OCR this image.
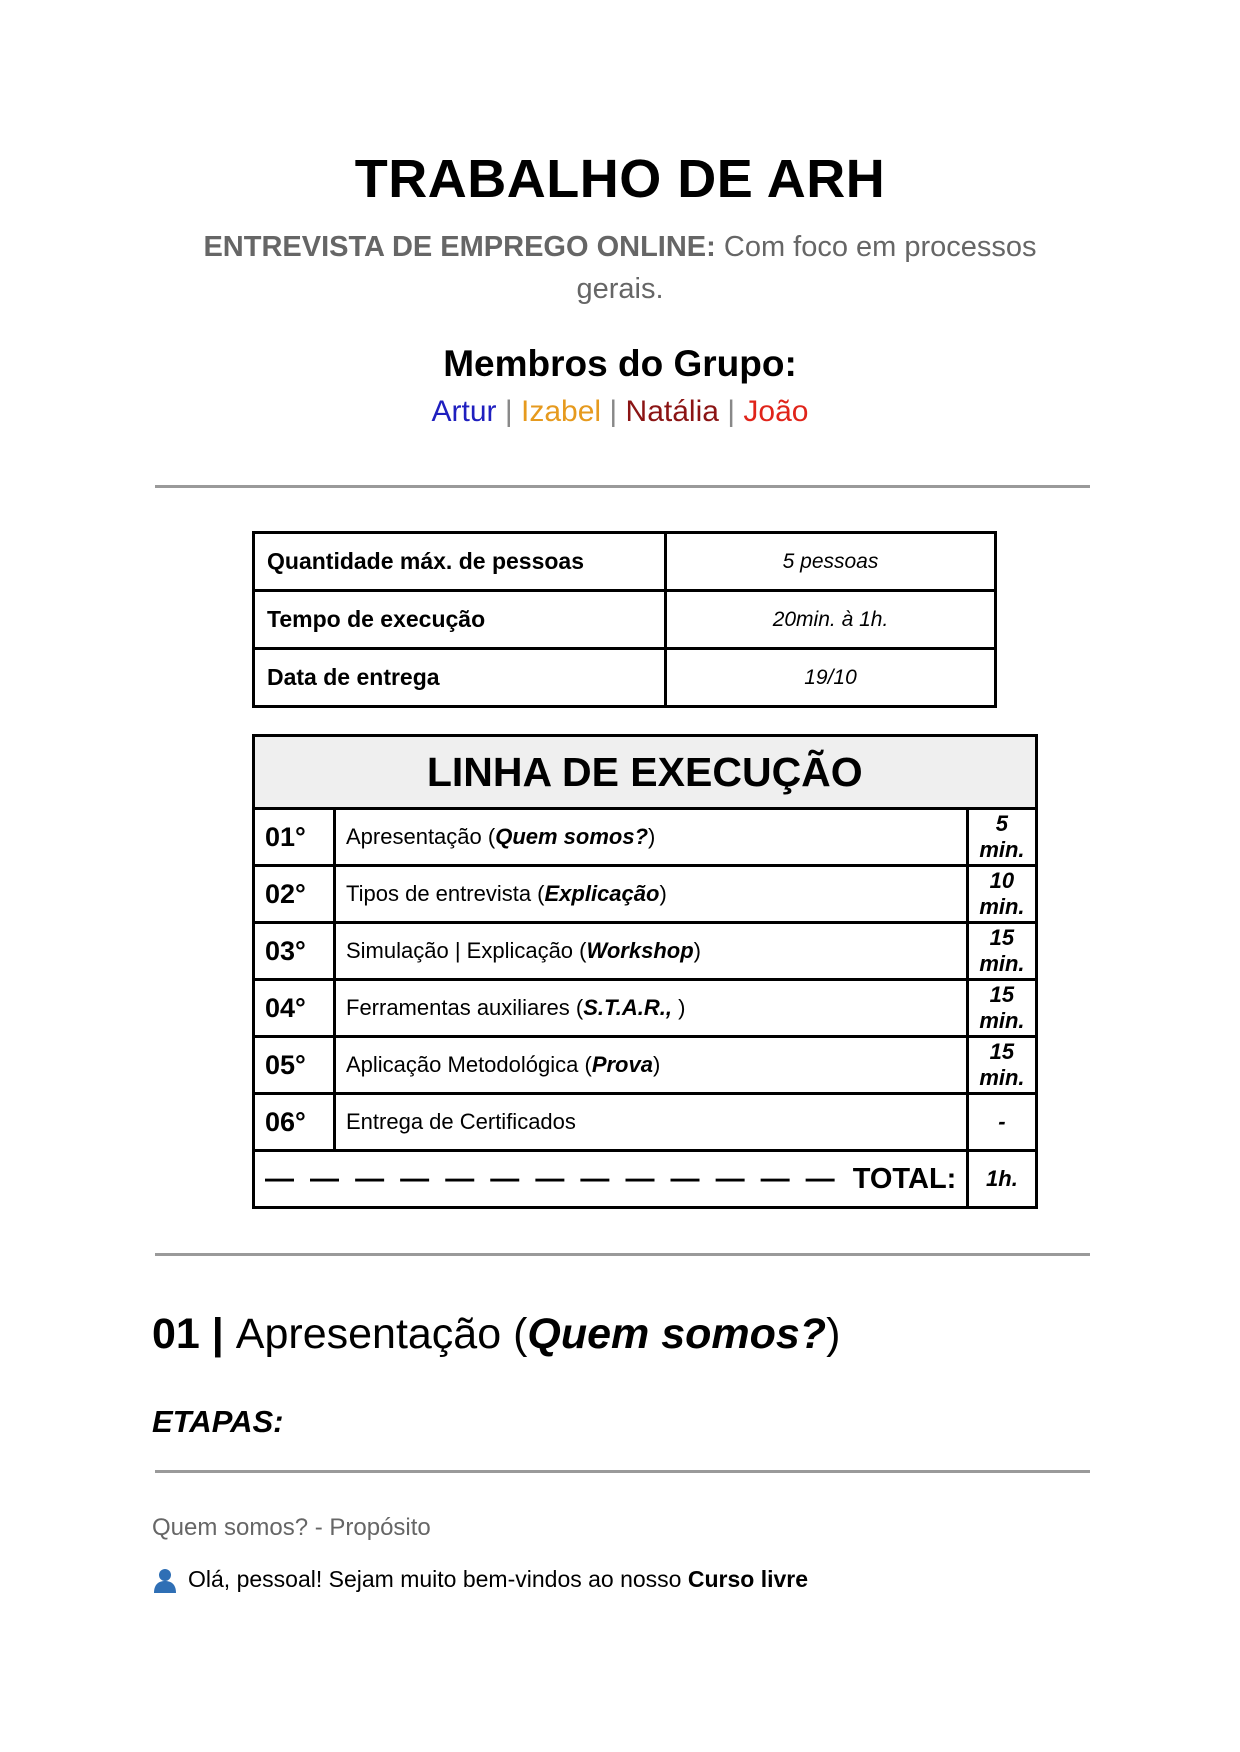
TRABALHO DE ARH
ENTREVISTA DE EMPREGO ONLINE: Com foco em processos gerais.
Membros do Grupo:
Artur | Izabel | Natália | João
Quantidade máx. de pessoas	5 pessoas
Tempo de execução	20min. à 1h.
Data de entrega	19/10
LINHA DE EXECUÇÃO		
01°	Apresentação (Quem somos?)	5 min.
02°	Tipos de entrevista (Explicação)	10 min.
03°	Simulação | Explicação (Workshop)	15 min.
04°	Ferramentas auxiliares (S.T.A.R., )	15 min.
05°	Aplicação Metodológica (Prova)	15 min.
06°	Entrega de Certificados	-
— — — — — — — — — — — — — TOTAL:		1h.
01 | Apresentação (Quem somos?)
ETAPAS:
Quem somos? - Propósito
Olá, pessoal! Sejam muito bem-vindos ao nosso Curso livre
